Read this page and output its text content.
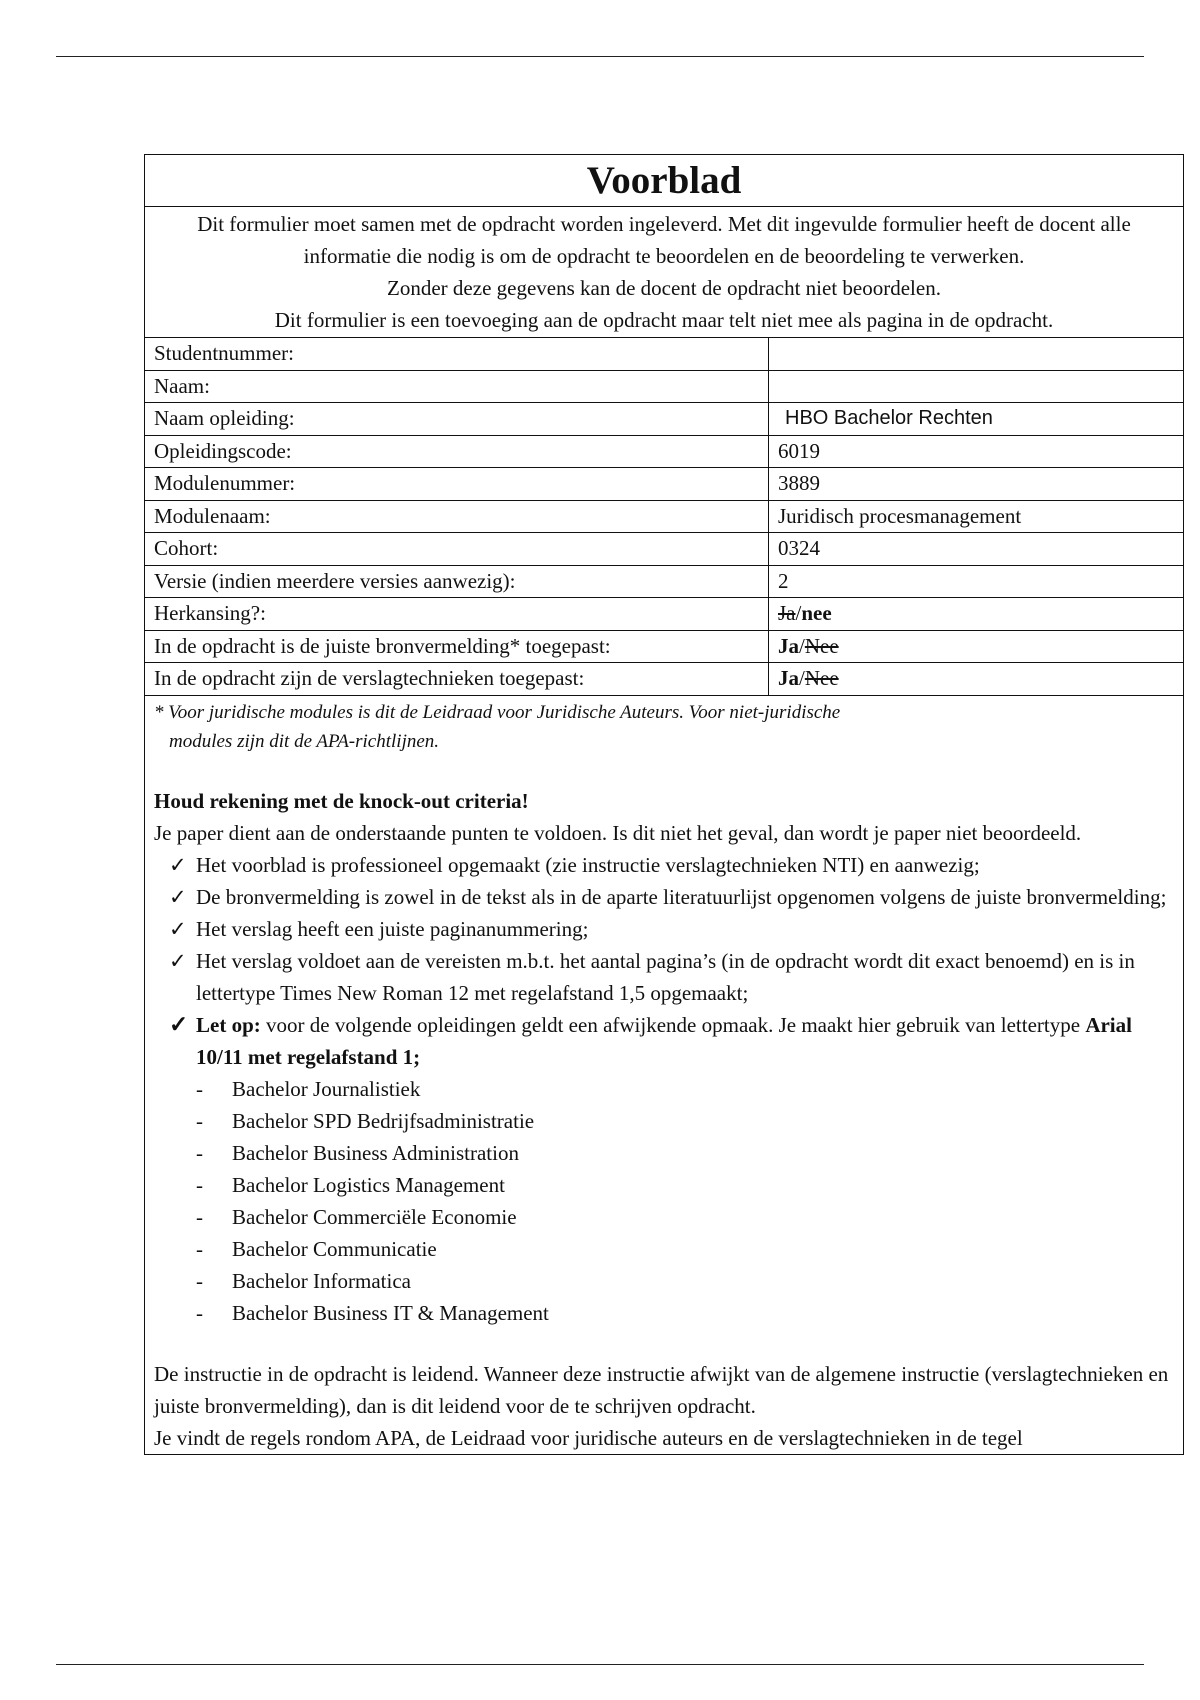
Voorblad

Dit formulier moet samen met de opdracht worden ingeleverd. Met dit ingevulde formulier heeft de docent alle informatie die nodig is om de opdracht te beoordelen en de beoordeling te verwerken.

Zonder deze gegevens kan de docent de opdracht niet beoordelen.

Dit formulier is een toevoeging aan de opdracht maar telt niet mee als pagina in de opdracht.

Studentnummer:	
Naam:	
Naam opleiding:	HBO Bachelor Rechten
Opleidingscode:	6019
Modulenummer:	3889
Modulenaam:	Juridisch procesmanagement
Cohort:	0324
Versie (indien meerdere versies aanwezig):	2
Herkansing?:	Ja/nee
In de opdracht is de juiste bronvermelding* toegepast:	Ja/Nee
In de opdracht zijn de verslagtechnieken toegepast:	Ja/Nee
* Voor juridische modules is dit de Leidraad voor Juridische Auteurs. Voor niet-juridische
modules zijn dit de APA-richtlijnen.

Houd rekening met de knock-out criteria!

Je paper dient aan de onderstaande punten te voldoen. Is dit niet het geval, dan wordt je paper niet beoordeeld.

✓ Het voorblad is professioneel opgemaakt (zie instructie verslagtechnieken NTI) en aanwezig;
✓ De bronvermelding is zowel in de tekst als in de aparte literatuurlijst opgenomen volgens de juiste bronvermelding;
✓ Het verslag heeft een juiste paginanummering;
✓ Het verslag voldoet aan de vereisten m.b.t. het aantal pagina’s (in de opdracht wordt dit exact benoemd) en is in lettertype Times New Roman 12 met regelafstand 1,5 opgemaakt;
✓ Let op: voor de volgende opleidingen geldt een afwijkende opmaak. Je maakt hier gebruik van lettertype Arial 10/11 met regelafstand 1;
- Bachelor Journalistiek
- Bachelor SPD Bedrijfsadministratie
- Bachelor Business Administration
- Bachelor Logistics Management
- Bachelor Commerciële Economie
- Bachelor Communicatie
- Bachelor Informatica
- Bachelor Business IT & Management

De instructie in de opdracht is leidend. Wanneer deze instructie afwijkt van de algemene instructie (verslagtechnieken en juiste bronvermelding), dan is dit leidend voor de te schrijven opdracht.

Je vindt de regels rondom APA, de Leidraad voor juridische auteurs en de verslagtechnieken in de tegel
